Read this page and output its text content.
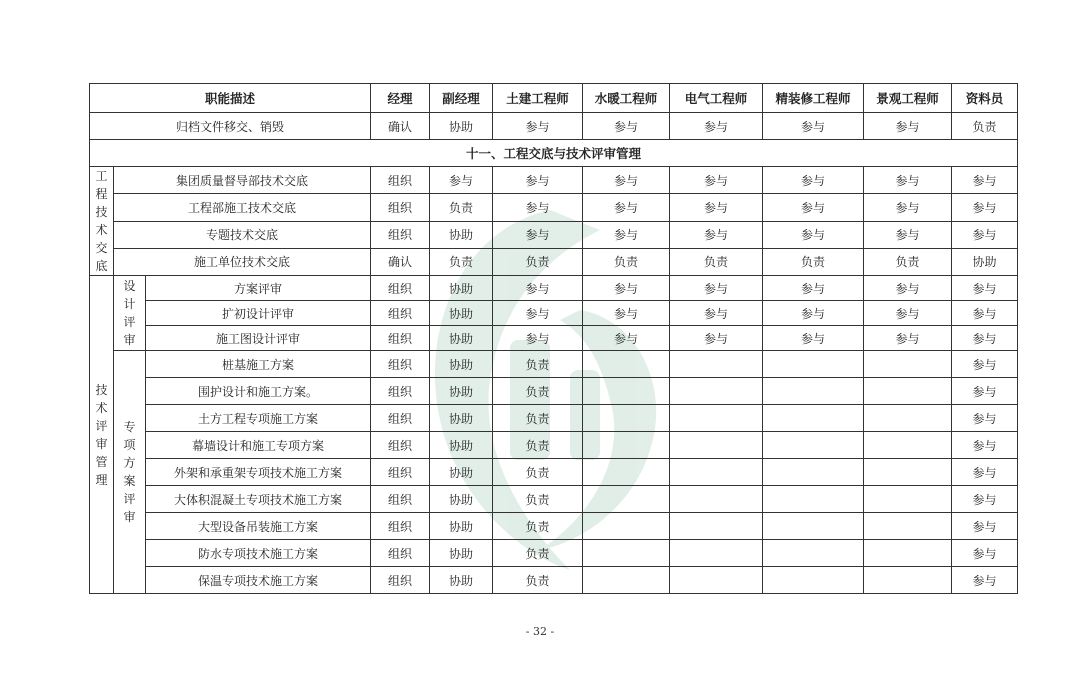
职能描述			经理	副经理	土建工程师	水暖工程师	电气工程师	精装修工程师	景观工程师	资料员
归档文件移交、销毁			确认	协助	参与	参与	参与	参与	参与	负责
十一、工程交底与技术评审管理										
工程技术交底	集团质量督导部技术交底		组织	参与	参与	参与	参与	参与	参与	参与
	工程部施工技术交底		组织	负责	参与	参与	参与	参与	参与	参与
	专题技术交底		组织	协助	参与	参与	参与	参与	参与	参与
	施工单位技术交底		确认	负责	负责	负责	负责	负责	负责	协助
技术评审管理	设计评审	方案评审	组织	协助	参与	参与	参与	参与	参与	参与
		扩初设计评审	组织	协助	参与	参与	参与	参与	参与	参与
		施工图设计评审	组织	协助	参与	参与	参与	参与	参与	参与
	专项方案评审	桩基施工方案	组织	协助	负责					参与
		围护设计和施工方案。	组织	协助	负责					参与
		土方工程专项施工方案	组织	协助	负责					参与
		幕墙设计和施工专项方案	组织	协助	负责					参与
		外架和承重架专项技术施工方案	组织	协助	负责					参与
		大体积混凝土专项技术施工方案	组织	协助	负责					参与
		大型设备吊装施工方案	组织	协助	负责					参与
		防水专项技术施工方案	组织	协助	负责					参与
		保温专项技术施工方案	组织	协助	负责					参与
- 32 -
